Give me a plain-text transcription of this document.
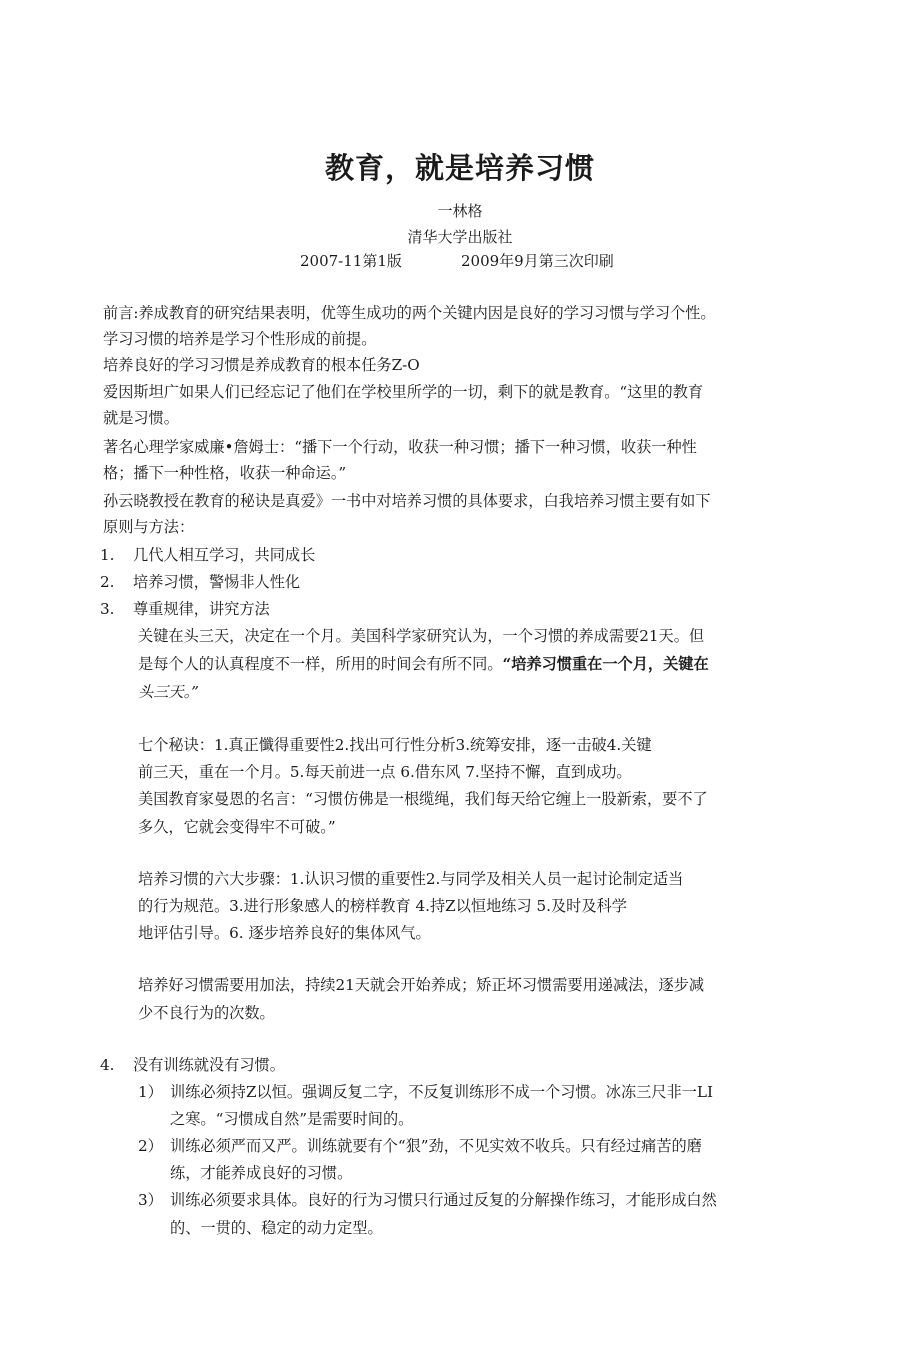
教育，就是培养习惯
一林格
清华大学出版社
2007-11第1版	2009年9月第三次印刷
前言:养成教育的研究结果表明，优等生成功的两个关键内因是良好的学习习惯与学习个性。
学习习惯的培养是学习个性形成的前提。
培养良好的学习习惯是养成教育的根本任务Z-O
爱因斯坦广如果人们已经忘记了他们在学校里所学的一切，剩下的就是教育。“这里的教育
就是习惯。
著名心理学家威廉•詹姆士：“播下一个行动，收获一种习惯；播下一种习惯，收获一种性
格；播下一种性格，收获一种命运。”
孙云晓教授在教育的秘诀是真爱》一书中对培养习惯的具体要求，白我培养习惯主要有如下
原则与方法：
1. 几代人相互学习，共同成长
2. 培养习惯，警惕非人性化
3. 尊重规律，讲究方法
关键在头三天，决定在一个月。美国科学家研究认为，一个习惯的养成需要21天。但
是每个人的认真程度不一样，所用的时间会有所不同。“培养习惯重在一个月，关键在
头三天。”
七个秘诀：1.真正懺得重要性2.找出可行性分析3.统筹安排，逐一击破4.关键
前三天，重在一个月。5.每天前进一点 6.借东风 7.坚持不懈，直到成功。
美国教育家曼恩的名言：“习惯仿佛是一根缆绳，我们每天给它缠上一股新索，要不了
多久，它就会变得牢不可破。”
培养习惯的六大步骤：1.认识习惯的重要性2.与同学及相关人员一起讨论制定适当
的行为规范。3.进行形象感人的榜样教育 4.持Z以恒地练习 5.及时及科学
地评估引导。6. 逐步培养良好的集体风气。
培养好习惯需要用加法，持续21天就会开始养成；矫正坏习惯需要用递减法，逐步减
少不良行为的次数。
4. 没有训练就没有习惯。
1） 训练必须持Z以恒。强调反复二字，不反复训练形不成一个习惯。冰冻三尺非一LI
之寒。“习惯成自然”是需要时间的。
2） 训练必须严而又严。训练就要有个“狠”劲，不见实效不收兵。只有经过痛苦的磨
练，才能养成良好的习惯。
3） 训练必须要求具体。良好的行为习惯只行通过反复的分解操作练习，才能形成白然
的、一贯的、稳定的动力定型。
